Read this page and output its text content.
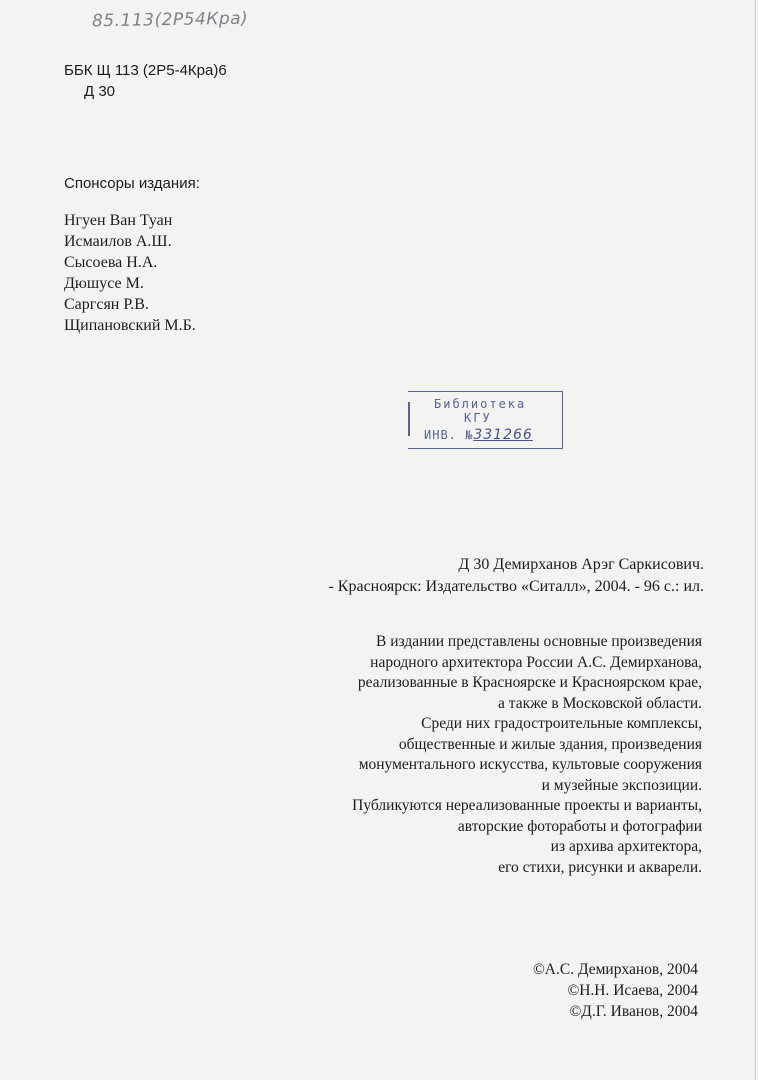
85.113(2Р54Кра)
ББК Щ 113 (2Р5-4Кра)6
Д 30
Спонсоры издания:
Нгуен Ван Туан
Исмаилов А.Ш.
Сысоева Н.А.
Дюшусе М.
Саргсян Р.В.
Щипановский М.Б.
Библиотека
КГУ
ИНВ. №331266
Д 30 Демирханов Арэг Саркисович.
- Красноярск: Издательство «Ситалл», 2004. - 96 с.: ил.
В издании представлены основные произведения
народного архитектора России А.С. Демирханова,
реализованные в Красноярске и Красноярском крае,
а также в Московской области.
Среди них градостроительные комплексы,
общественные и жилые здания, произведения
монументального искусства, культовые сооружения
и музейные экспозиции.
Публикуются нереализованные проекты и варианты,
авторские фоторaботы и фотографии
из архива архитектора,
его стихи, рисунки и акварели.
©А.С. Демирханов, 2004
©Н.Н. Исаева, 2004
©Д.Г. Иванов, 2004
